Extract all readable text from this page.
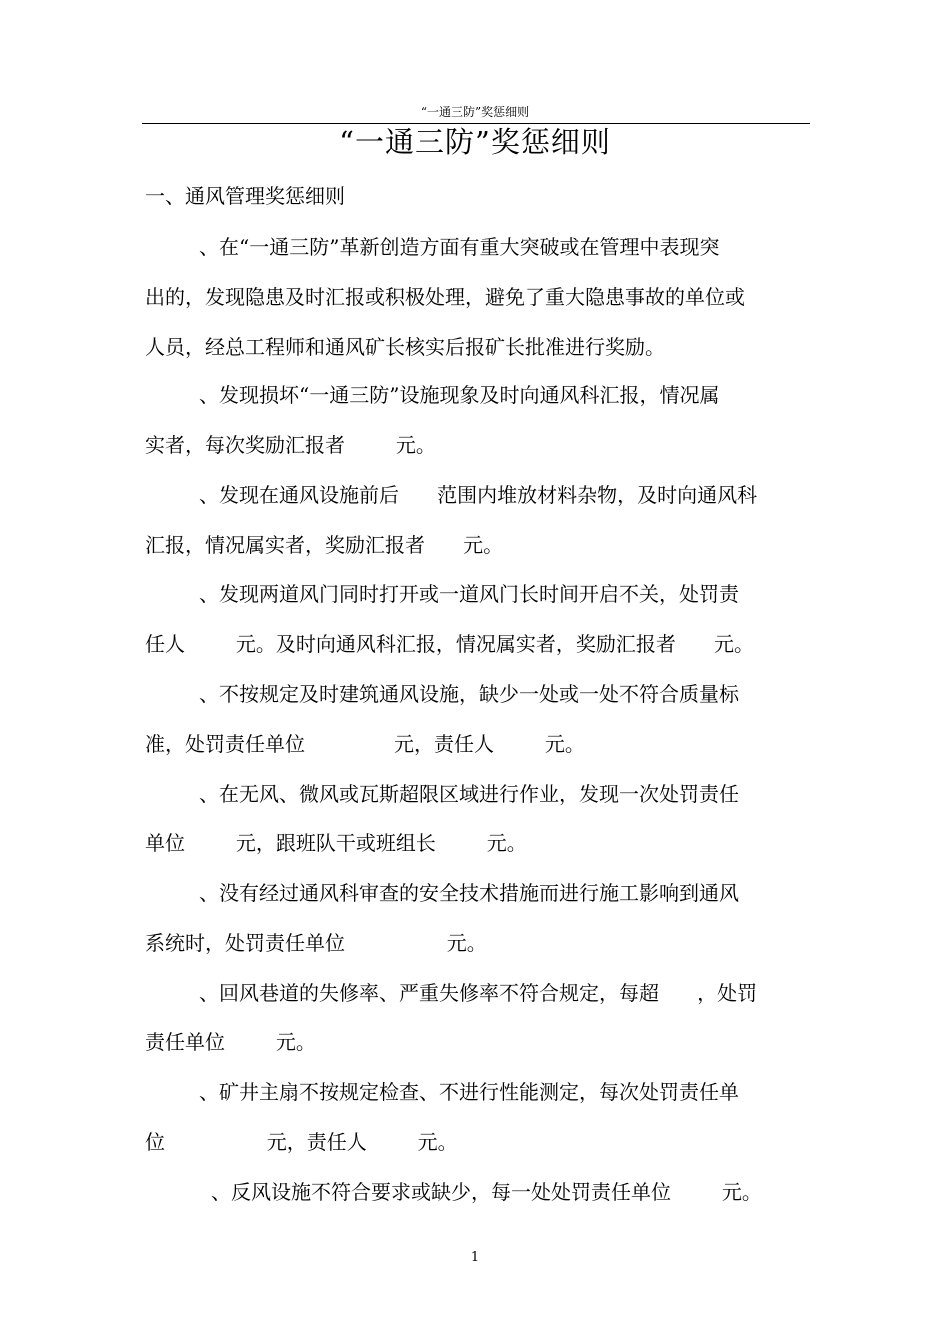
“一通三防”奖惩细则
“一通三防”奖惩细则
一、通风管理奖惩细则
、在“一通三防”革新创造方面有重大突破或在管理中表现突
出的，发现隐患及时汇报或积极处理，避免了重大隐患事故的单位或
人员，经总工程师和通风矿长核实后报矿长批准进行奖励。
、发现损坏“一通三防”设施现象及时向通风科汇报，情况属
实者，每次奖励汇报者        元。
、发现在通风设施前后      范围内堆放材料杂物，及时向通风科
汇报，情况属实者，奖励汇报者      元。
、发现两道风门同时打开或一道风门长时间开启不关，处罚责
任人        元。及时向通风科汇报，情况属实者，奖励汇报者      元。
、不按规定及时建筑通风设施，缺少一处或一处不符合质量标
准，处罚责任单位              元，责任人        元。
、在无风、微风或瓦斯超限区域进行作业，发现一次处罚责任
单位        元，跟班队干或班组长        元。
、没有经过通风科审查的安全技术措施而进行施工影响到通风
系统时，处罚责任单位                元。
、回风巷道的失修率、严重失修率不符合规定，每超      ，处罚
责任单位        元。
、矿井主扇不按规定检查、不进行性能测定，每次处罚责任单
位                元，责任人        元。
、反风设施不符合要求或缺少，每一处处罚责任单位        元。
1
